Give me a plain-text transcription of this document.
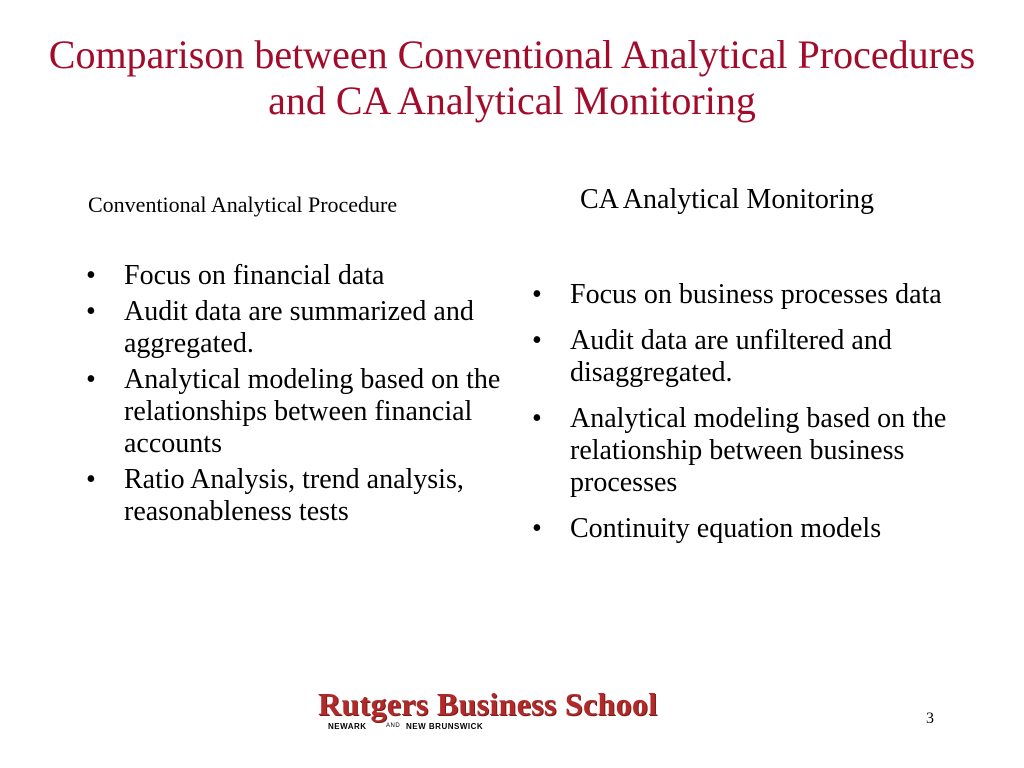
Comparison between Conventional Analytical Procedures and CA Analytical Monitoring
Conventional Analytical Procedure	CA Analytical Monitoring
• Focus on financial data
• Audit data are summarized and aggregated.
• Analytical modeling based on the relationships between financial accounts
• Ratio Analysis, trend analysis, reasonableness tests
• Focus on business processes data
• Audit data are unfiltered and disaggregated.
• Analytical modeling based on the relationship between business processes
• Continuity equation models
Rutgers Business School
NEWARK	AND NEW BRUNSWICK	3
